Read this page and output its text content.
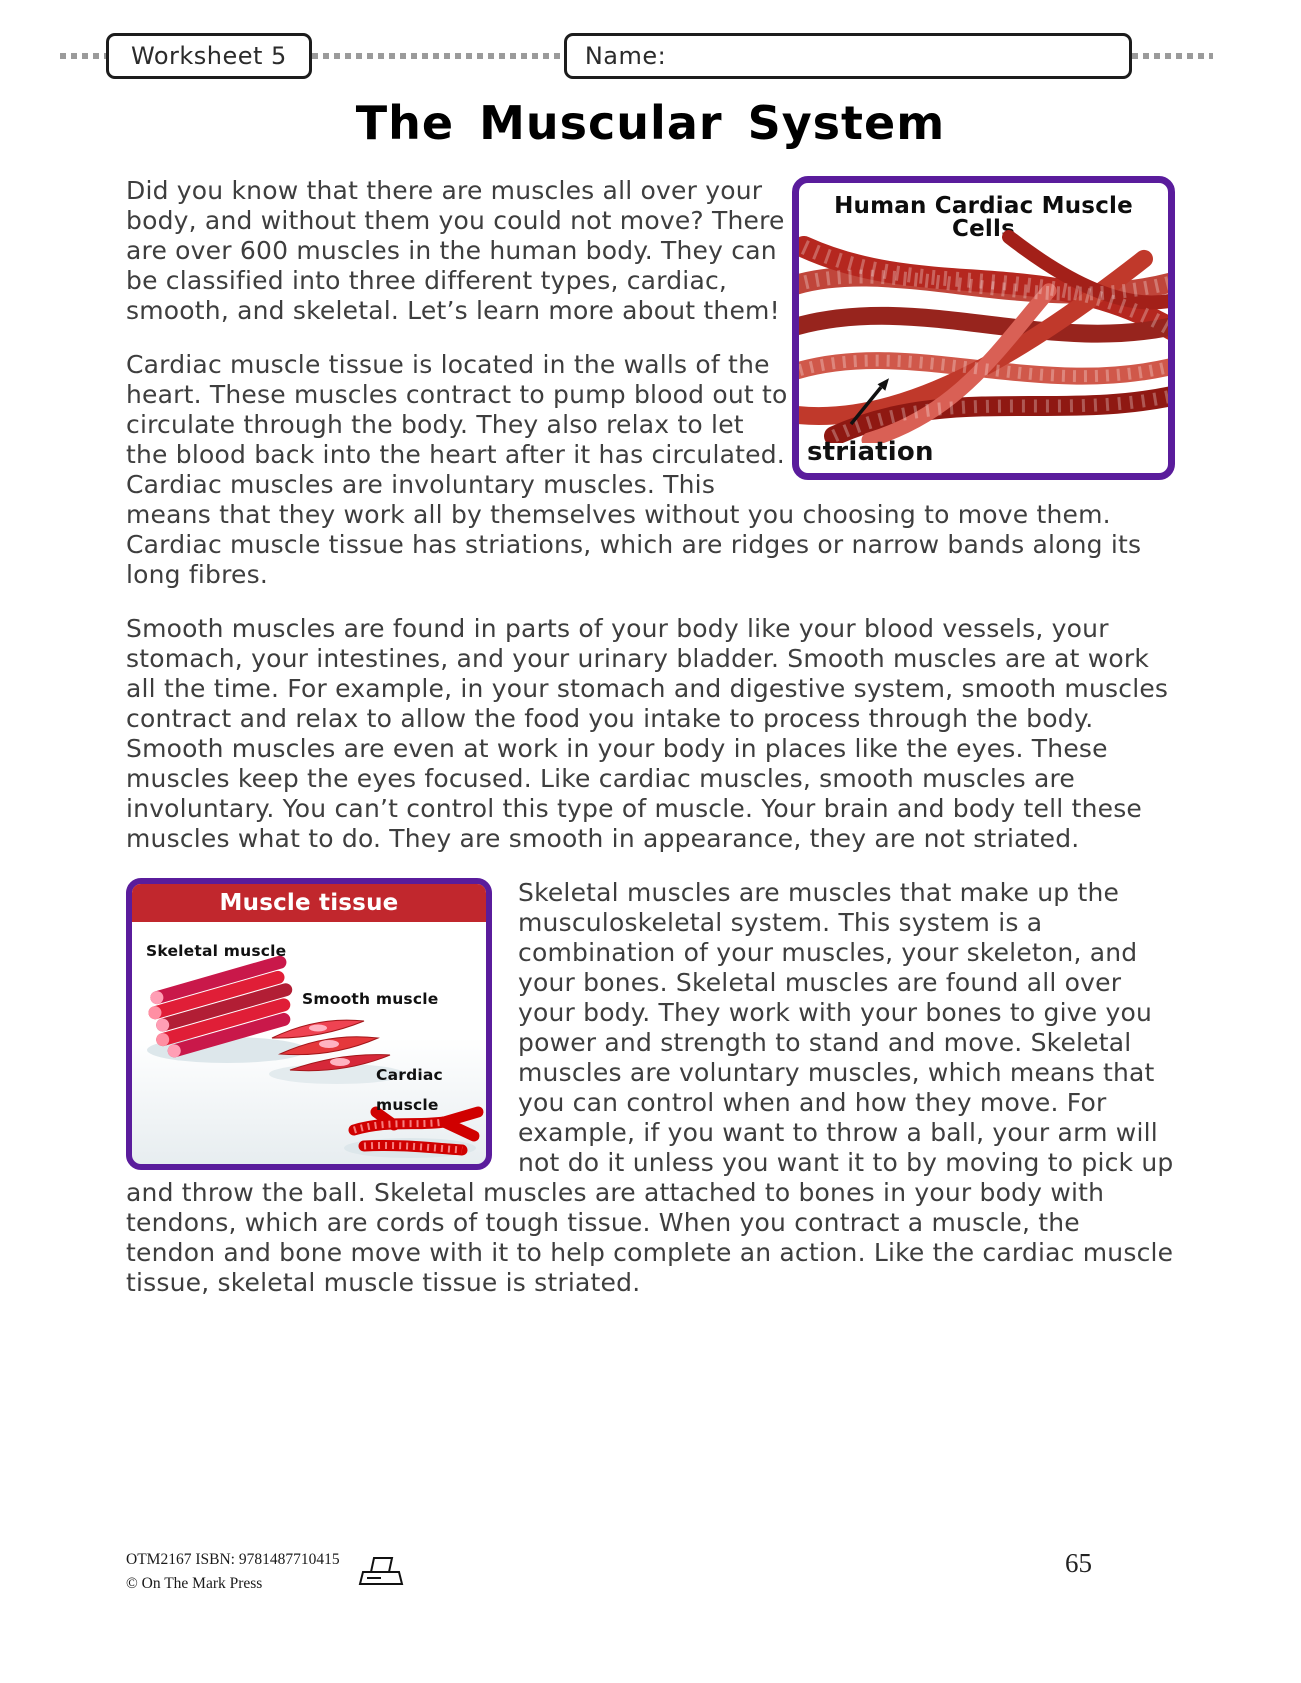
Worksheet 5	Name:
The Muscular System
Human Cardiac Muscle Cells
striation

Did you know that there are muscles all over your body, and without them you could not move? There are over 600 muscles in the human body. They can be classified into three different types, cardiac, smooth, and skeletal. Let’s learn more about them!

Cardiac muscle tissue is located in the walls of the heart. These muscles contract to pump blood out to circulate through the body. They also relax to let the blood back into the heart after it has circulated. Cardiac muscles are involuntary muscles. This means that they work all by themselves without you choosing to move them. Cardiac muscle tissue has striations, which are ridges or narrow bands along its long fibres.

Smooth muscles are found in parts of your body like your blood vessels, your stomach, your intestines, and your urinary bladder. Smooth muscles are at work all the time. For example, in your stomach and digestive system, smooth muscles contract and relax to allow the food you intake to process through the body. Smooth muscles are even at work in your body in places like the eyes. These muscles keep the eyes focused. Like cardiac muscles, smooth muscles are involuntary. You can’t control this type of muscle. Your brain and body tell these muscles what to do. They are smooth in appearance, they are not striated.

Muscle tissue
Skeletal muscle
Smooth muscle
Cardiac muscle

Skeletal muscles are muscles that make up the musculoskeletal system. This system is a combination of your muscles, your skeleton, and your bones. Skeletal muscles are found all over your body. They work with your bones to give you power and strength to stand and move. Skeletal muscles are voluntary muscles, which means that you can control when and how they move. For example, if you want to throw a ball, your arm will not do it unless you want it to by moving to pick up and throw the ball. Skeletal muscles are attached to bones in your body with tendons, which are cords of tough tissue. When you contract a muscle, the tendon and bone move with it to help complete an action. Like the cardiac muscle tissue, skeletal muscle tissue is striated.

OTM2167 ISBN: 9781487710415
© On The Mark Press
65
